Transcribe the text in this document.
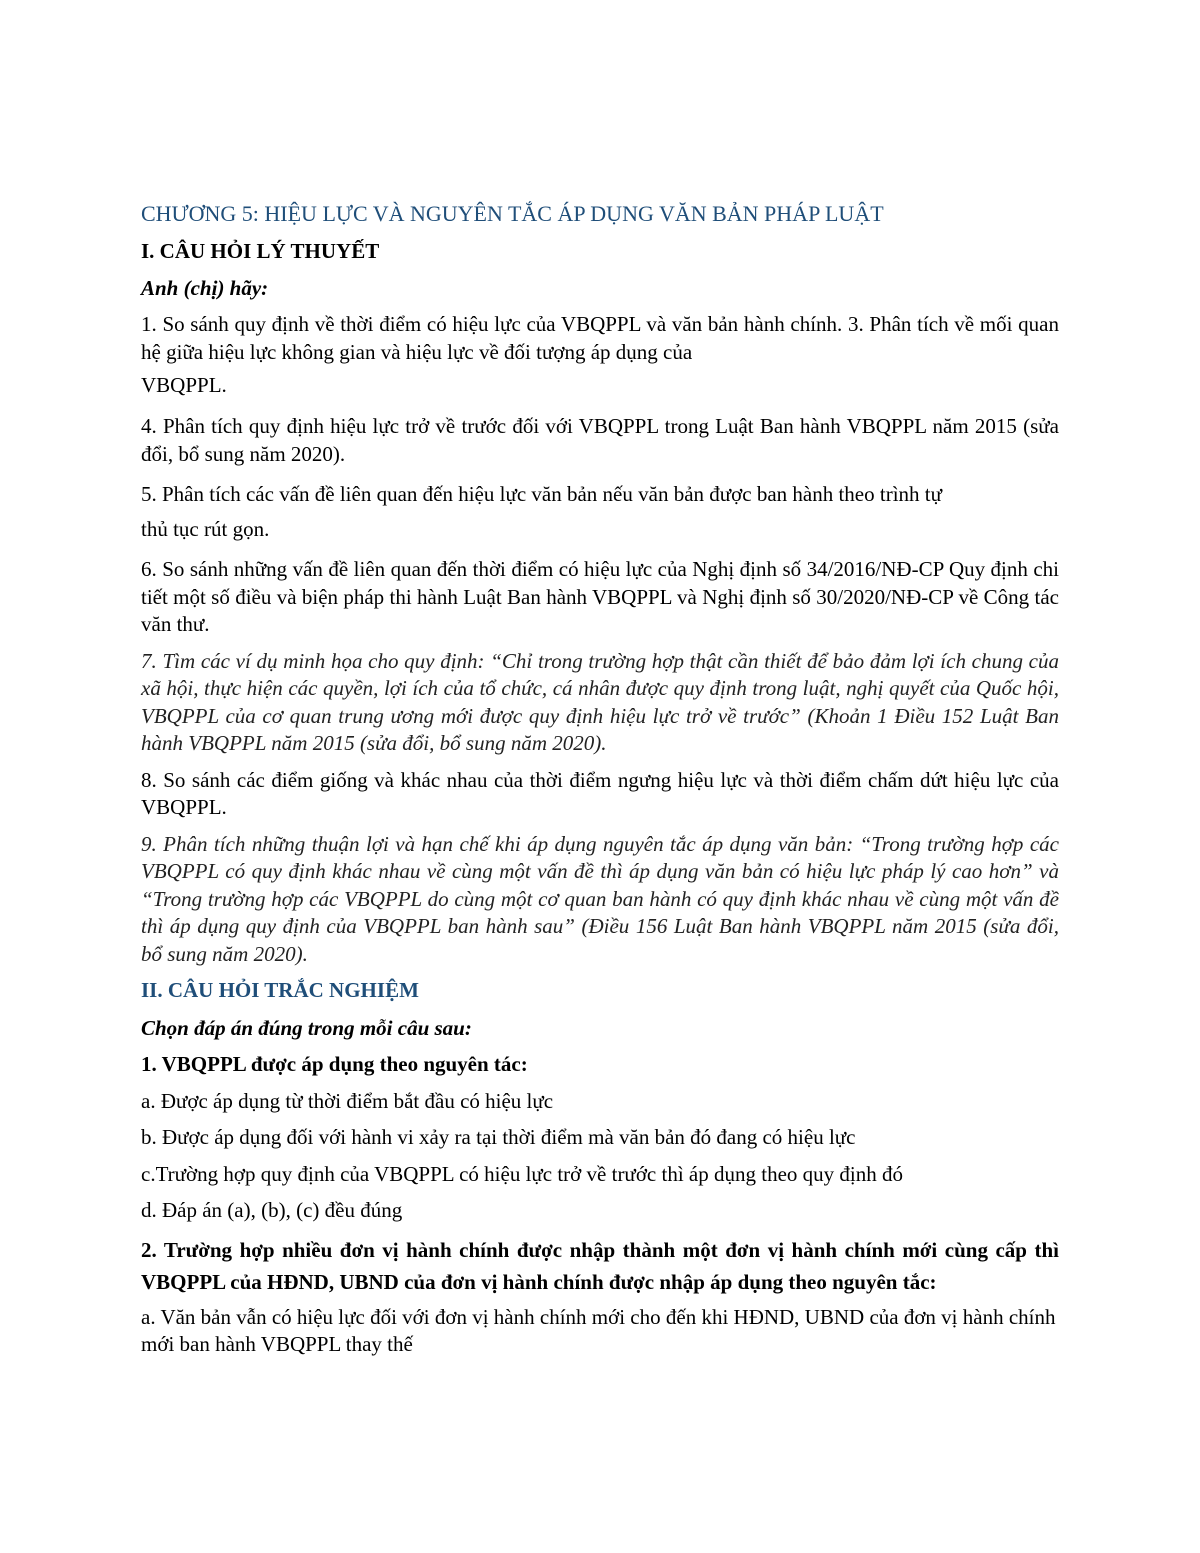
CHƯƠNG 5: HIỆU LỰC VÀ NGUYÊN TẮC ÁP DỤNG VĂN BẢN PHÁP LUẬT

I. CÂU HỎI LÝ THUYẾT

Anh (chị) hãy:

1. So sánh quy định về thời điểm có hiệu lực của VBQPPL và văn bản hành chính. 3. Phân tích về mối quan hệ giữa hiệu lực không gian và hiệu lực về đối tượng áp dụng của

VBQPPL.

4. Phân tích quy định hiệu lực trở về trước đối với VBQPPL trong Luật Ban hành VBQPPL năm 2015 (sửa đổi, bổ sung năm 2020).

5. Phân tích các vấn đề liên quan đến hiệu lực văn bản nếu văn bản được ban hành theo trình tự

thủ tục rút gọn.

6. So sánh những vấn đề liên quan đến thời điểm có hiệu lực của Nghị định số 34/2016/NĐ-CP Quy định chi tiết một số điều và biện pháp thi hành Luật Ban hành VBQPPL và Nghị định số 30/2020/NĐ-CP về Công tác văn thư.

7. Tìm các ví dụ minh họa cho quy định: “Chỉ trong trường hợp thật cần thiết để bảo đảm lợi ích chung của xã hội, thực hiện các quyền, lợi ích của tổ chức, cá nhân được quy định trong luật, nghị quyết của Quốc hội, VBQPPL của cơ quan trung ương mới được quy định hiệu lực trở về trước” (Khoản 1 Điều 152 Luật Ban hành VBQPPL năm 2015 (sửa đổi, bổ sung năm 2020).

8. So sánh các điểm giống và khác nhau của thời điểm ngưng hiệu lực và thời điểm chấm dứt hiệu lực của VBQPPL.

9. Phân tích những thuận lợi và hạn chế khi áp dụng nguyên tắc áp dụng văn bản: “Trong trường hợp các VBQPPL có quy định khác nhau về cùng một vấn đề thì áp dụng văn bản có hiệu lực pháp lý cao hơn” và “Trong trường hợp các VBQPPL do cùng một cơ quan ban hành có quy định khác nhau về cùng một vấn đề thì áp dụng quy định của VBQPPL ban hành sau” (Điều 156 Luật Ban hành VBQPPL năm 2015 (sửa đổi, bổ sung năm 2020).

II. CÂU HỎI TRẮC NGHIỆM

Chọn đáp án đúng trong mỗi câu sau:

1. VBQPPL được áp dụng theo nguyên tác:

a. Được áp dụng từ thời điểm bắt đầu có hiệu lực

b. Được áp dụng đối với hành vi xảy ra tại thời điểm mà văn bản đó đang có hiệu lực

c.Trường hợp quy định của VBQPPL có hiệu lực trở về trước thì áp dụng theo quy định đó

d. Đáp án (a), (b), (c) đều đúng

2. Trường hợp nhiều đơn vị hành chính được nhập thành một đơn vị hành chính mới cùng cấp thì VBQPPL của HĐND, UBND của đơn vị hành chính được nhập áp dụng theo nguyên tắc:

a. Văn bản vẫn có hiệu lực đối với đơn vị hành chính mới cho đến khi HĐND, UBND của đơn vị hành chính mới ban hành VBQPPL thay thế
